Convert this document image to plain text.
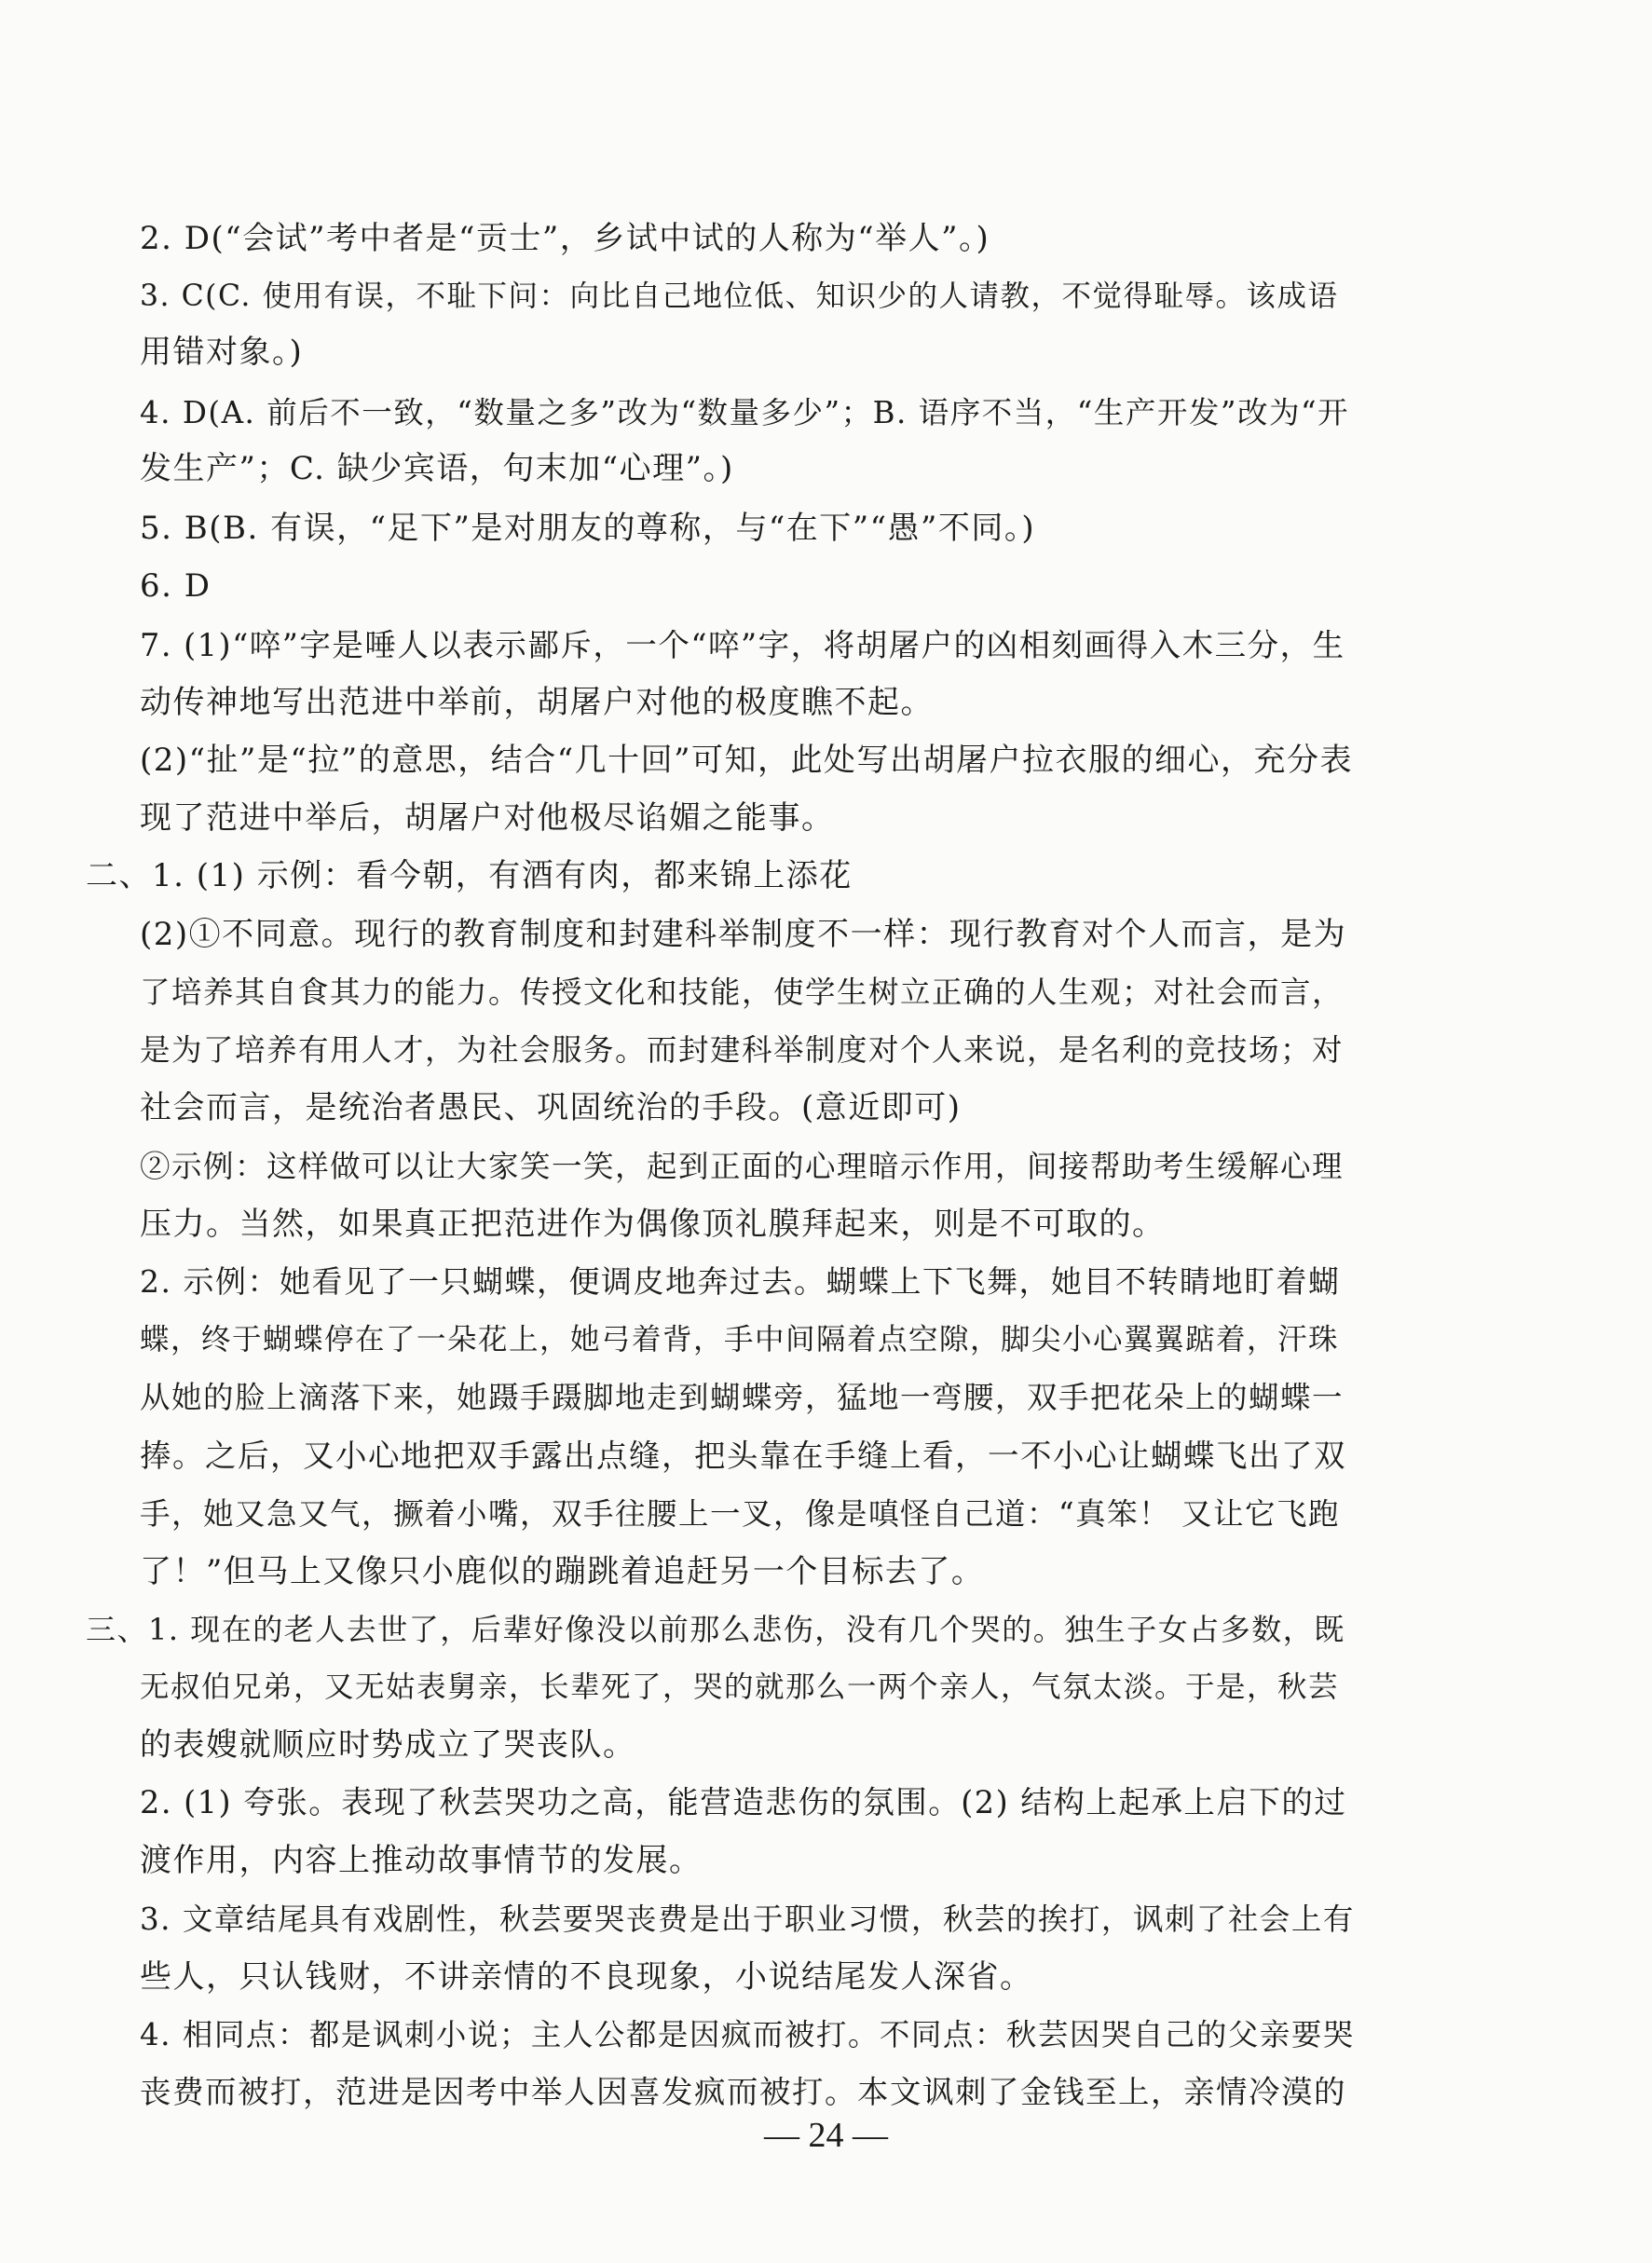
2. D(“会试”考中者是“贡士”，乡试中试的人称为“举人”。)
3. C(C. 使用有误，不耻下问：向比自己地位低、知识少的人请教，不觉得耻辱。该成语
用错对象。)
4. D(A. 前后不一致，“数量之多”改为“数量多少”；B. 语序不当，“生产开发”改为“开
发生产”；C. 缺少宾语，句末加“心理”。)
5. B(B. 有误，“足下”是对朋友的尊称，与“在下”“愚”不同。)
6. D
7. (1)“啐”字是唾人以表示鄙斥，一个“啐”字，将胡屠户的凶相刻画得入木三分，生
动传神地写出范进中举前，胡屠户对他的极度瞧不起。
(2)“扯”是“拉”的意思，结合“几十回”可知，此处写出胡屠户拉衣服的细心，充分表
现了范进中举后，胡屠户对他极尽谄媚之能事。
二、1. (1) 示例：看今朝，有酒有肉，都来锦上添花
(2)①不同意。现行的教育制度和封建科举制度不一样：现行教育对个人而言，是为
了培养其自食其力的能力。传授文化和技能，使学生树立正确的人生观；对社会而言，
是为了培养有用人才，为社会服务。而封建科举制度对个人来说，是名利的竞技场；对
社会而言，是统治者愚民、巩固统治的手段。(意近即可)
②示例：这样做可以让大家笑一笑，起到正面的心理暗示作用，间接帮助考生缓解心理
压力。当然，如果真正把范进作为偶像顶礼膜拜起来，则是不可取的。
2. 示例：她看见了一只蝴蝶，便调皮地奔过去。蝴蝶上下飞舞，她目不转睛地盯着蝴
蝶，终于蝴蝶停在了一朵花上，她弓着背，手中间隔着点空隙，脚尖小心翼翼踮着，汗珠
从她的脸上滴落下来，她蹑手蹑脚地走到蝴蝶旁，猛地一弯腰，双手把花朵上的蝴蝶一
捧。之后，又小心地把双手露出点缝，把头靠在手缝上看，一不小心让蝴蝶飞出了双
手，她又急又气，撅着小嘴，双手往腰上一叉，像是嗔怪自己道：“真笨！ 又让它飞跑
了！”但马上又像只小鹿似的蹦跳着追赶另一个目标去了。
三、1. 现在的老人去世了，后辈好像没以前那么悲伤，没有几个哭的。独生子女占多数，既
无叔伯兄弟，又无姑表舅亲，长辈死了，哭的就那么一两个亲人，气氛太淡。于是，秋芸
的表嫂就顺应时势成立了哭丧队。
2. (1) 夸张。表现了秋芸哭功之高，能营造悲伤的氛围。(2) 结构上起承上启下的过
渡作用，内容上推动故事情节的发展。
3. 文章结尾具有戏剧性，秋芸要哭丧费是出于职业习惯，秋芸的挨打，讽刺了社会上有
些人，只认钱财，不讲亲情的不良现象，小说结尾发人深省。
4. 相同点：都是讽刺小说；主人公都是因疯而被打。不同点：秋芸因哭自己的父亲要哭
丧费而被打，范进是因考中举人因喜发疯而被打。本文讽刺了金钱至上，亲情冷漠的
— 24 —
